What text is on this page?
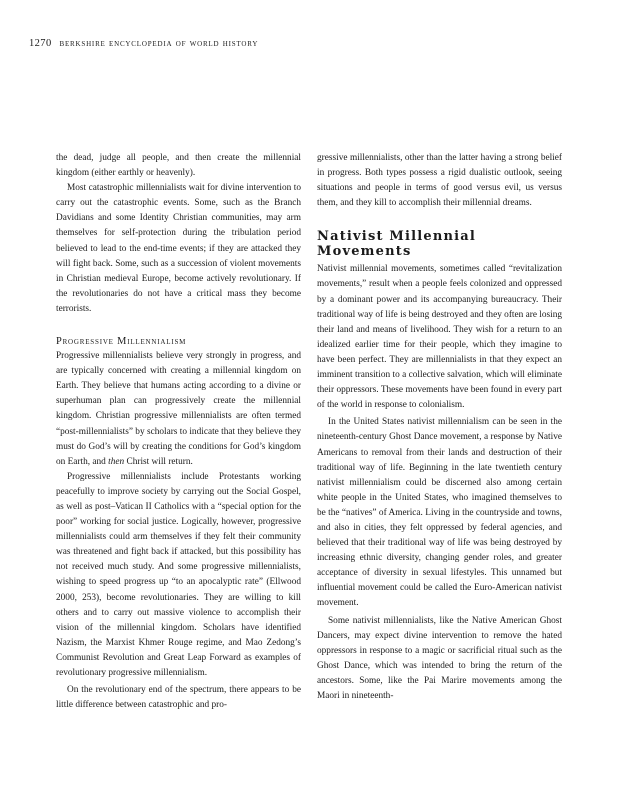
1270 berkshire encyclopedia of world history

the dead, judge all people, and then create the millennial kingdom (either earthly or heavenly).

Most catastrophic millennialists wait for divine intervention to carry out the catastrophic events. Some, such as the Branch Davidians and some Identity Christian communities, may arm themselves for self-protection during the tribulation period believed to lead to the end-time events; if they are attacked they will fight back. Some, such as a succession of violent movements in Christian medieval Europe, become actively revolutionary. If the revolutionaries do not have a critical mass they become terrorists.

Progressive Millennialism

Progressive millennialists believe very strongly in progress, and are typically concerned with creating a millennial kingdom on Earth. They believe that humans acting according to a divine or superhuman plan can progressively create the millennial kingdom. Christian progressive millennialists are often termed “post-millennialists” by scholars to indicate that they believe they must do God’s will by creating the conditions for God’s kingdom on Earth, and then Christ will return.

Progressive millennialists include Protestants working peacefully to improve society by carrying out the Social Gospel, as well as post–Vatican II Catholics with a “special option for the poor” working for social justice. Logically, however, progressive millennialists could arm themselves if they felt their community was threatened and fight back if attacked, but this possibility has not received much study. And some progressive millennialists, wishing to speed progress up “to an apocalyptic rate” (Ellwood 2000, 253), become revolutionaries. They are willing to kill others and to carry out massive violence to accomplish their vision of the millennial kingdom. Scholars have identified Nazism, the Marxist Khmer Rouge regime, and Mao Zedong’s Communist Revolution and Great Leap Forward as examples of revolutionary progressive millennialism.

On the revolutionary end of the spectrum, there appears to be little difference between catastrophic and pro-

gressive millennialists, other than the latter having a strong belief in progress. Both types possess a rigid dualistic outlook, seeing situations and people in terms of good versus evil, us versus them, and they kill to accomplish their millennial dreams.

Nativist Millennial
Movements

Nativist millennial movements, sometimes called “revitalization movements,” result when a people feels colonized and oppressed by a dominant power and its accompanying bureaucracy. Their traditional way of life is being destroyed and they often are losing their land and means of livelihood. They wish for a return to an idealized earlier time for their people, which they imagine to have been perfect. They are millennialists in that they expect an imminent transition to a collective salvation, which will eliminate their oppressors. These movements have been found in every part of the world in response to colonialism.

In the United States nativist millennialism can be seen in the nineteenth-century Ghost Dance movement, a response by Native Americans to removal from their lands and destruction of their traditional way of life. Beginning in the late twentieth century nativist millennialism could be discerned also among certain white people in the United States, who imagined themselves to be the “natives” of America. Living in the countryside and towns, and also in cities, they felt oppressed by federal agencies, and believed that their traditional way of life was being destroyed by increasing ethnic diversity, changing gender roles, and greater acceptance of diversity in sexual lifestyles. This unnamed but influential movement could be called the Euro-American nativist movement.

Some nativist millennialists, like the Native American Ghost Dancers, may expect divine intervention to remove the hated oppressors in response to a magic or sacrificial ritual such as the Ghost Dance, which was intended to bring the return of the ancestors. Some, like the Pai Marire movements among the Maori in nineteenth-
